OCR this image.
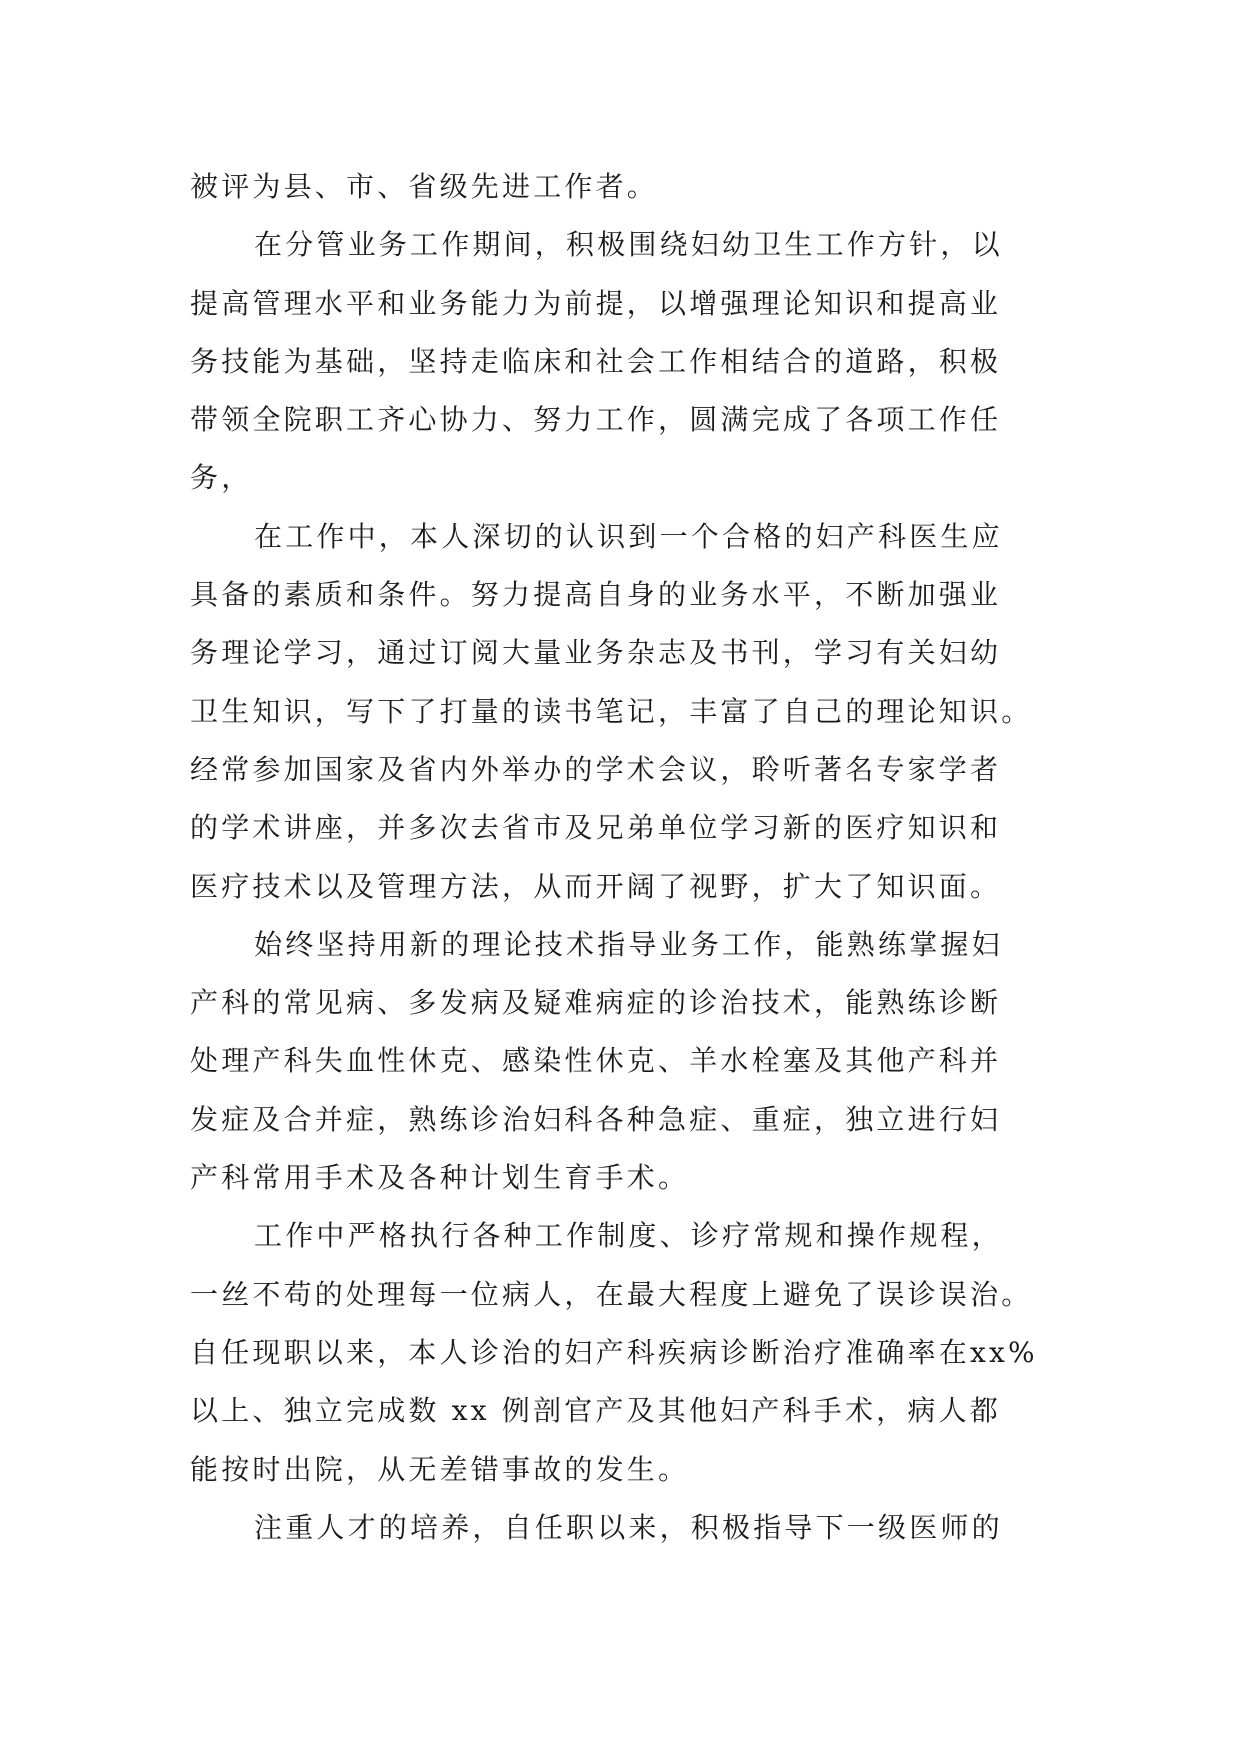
被评为县、市、省级先进工作者。
在分管业务工作期间，积极围绕妇幼卫生工作方针，以
提高管理水平和业务能力为前提，以增强理论知识和提高业
务技能为基础，坚持走临床和社会工作相结合的道路，积极
带领全院职工齐心协力、努力工作，圆满完成了各项工作任
务，
在工作中，本人深切的认识到一个合格的妇产科医生应
具备的素质和条件。努力提高自身的业务水平，不断加强业
务理论学习，通过订阅大量业务杂志及书刊，学习有关妇幼
卫生知识，写下了打量的读书笔记，丰富了自己的理论知识。
经常参加国家及省内外举办的学术会议，聆听著名专家学者
的学术讲座，并多次去省市及兄弟单位学习新的医疗知识和
医疗技术以及管理方法，从而开阔了视野，扩大了知识面。
始终坚持用新的理论技术指导业务工作，能熟练掌握妇
产科的常见病、多发病及疑难病症的诊治技术，能熟练诊断
处理产科失血性休克、感染性休克、羊水栓塞及其他产科并
发症及合并症，熟练诊治妇科各种急症、重症，独立进行妇
产科常用手术及各种计划生育手术。
工作中严格执行各种工作制度、诊疗常规和操作规程，
一丝不苟的处理每一位病人，在最大程度上避免了误诊误治。
自任现职以来，本人诊治的妇产科疾病诊断治疗准确率在xx%
以上、独立完成数 xx 例剖官产及其他妇产科手术，病人都
能按时出院，从无差错事故的发生。
注重人才的培养，自任职以来，积极指导下一级医师的
